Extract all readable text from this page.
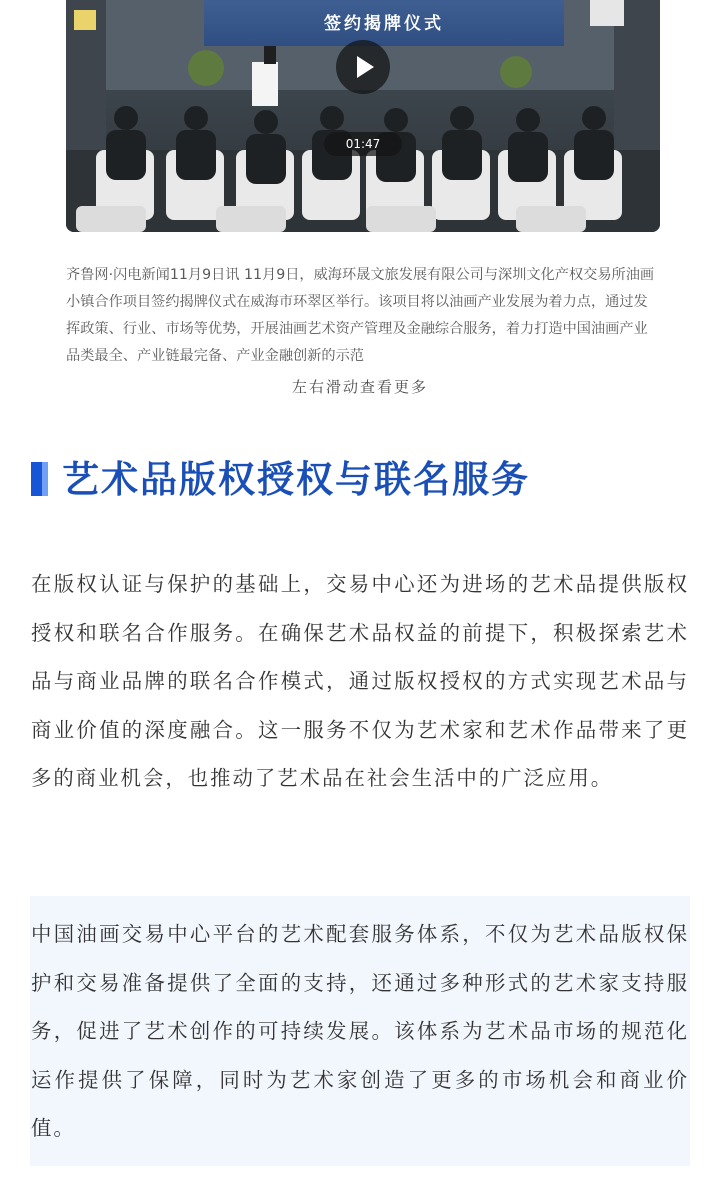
签约揭牌仪式
01:47
齐鲁网·闪电新闻11月9日讯 11月9日，威海环晟文旅发展有限公司与深圳文化产权交易所油画小镇合作项目签约揭牌仪式在威海市环翠区举行。该项目将以油画产业发展为着力点，通过发挥政策、行业、市场等优势，开展油画艺术资产管理及金融综合服务，着力打造中国油画产业品类最全、产业链最完备、产业金融创新的示范
左右滑动查看更多
艺术品版权授权与联名服务

在版权认证与保护的基础上，交易中心还为进场的艺术品提供版权授权和联名合作服务。在确保艺术品权益的前提下，积极探索艺术品与商业品牌的联名合作模式，通过版权授权的方式实现艺术品与商业价值的深度融合。这一服务不仅为艺术家和艺术作品带来了更多的商业机会，也推动了艺术品在社会生活中的广泛应用。

中国油画交易中心平台的艺术配套服务体系，不仅为艺术品版权保护和交易准备提供了全面的支持，还通过多种形式的艺术家支持服务，促进了艺术创作的可持续发展。该体系为艺术品市场的规范化运作提供了保障，同时为艺术家创造了更多的市场机会和商业价值。
